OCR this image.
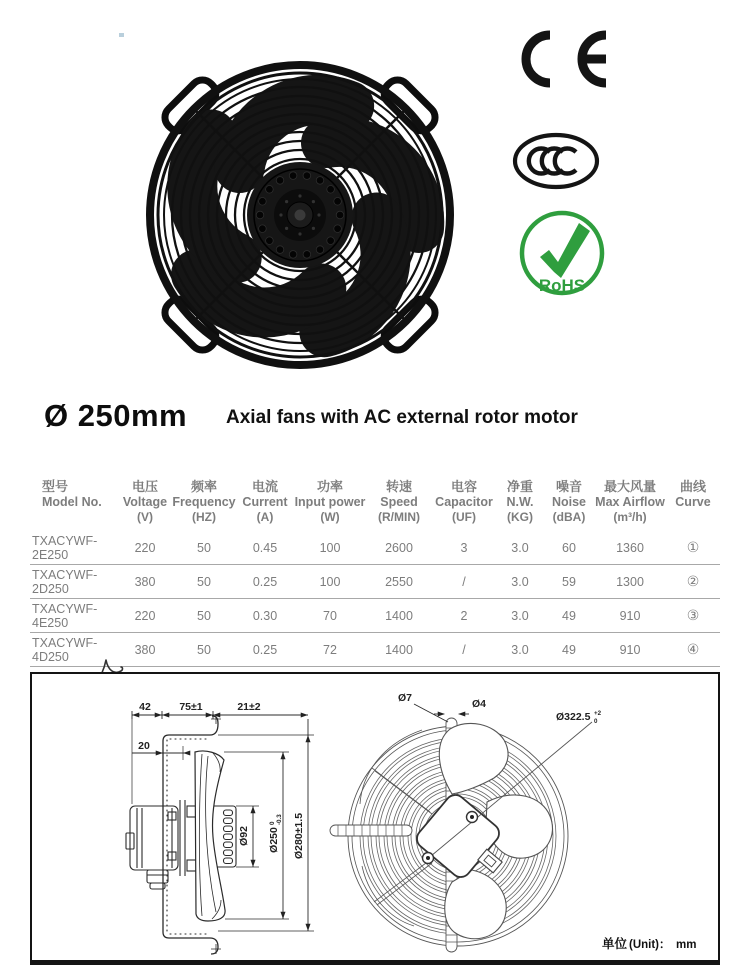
RoHS
Ø 250mm Axial fans with AC external rotor motor
型号
Model No.
电压
Voltage
(V)
频率
Frequency
(HZ)
电流
Current
(A)
功率
Input power
(W)
转速
Speed
(R/MIN)
电容
Capacitor
(UF)
净重
N.W.
(KG)
噪音
Noise
(dBA)
最大风量
Max Airflow
(m³/h)
曲线
Curve
TXACYWF-2E250	220	50	0.45	100	2600	3	3.0	60	1360	①
TXACYWF-2D250	380	50	0.25	100	2550	/	3.0	59	1300	②
TXACYWF-4E250	220	50	0.30	70	1400	2	3.0	49	910	③
TXACYWF-4D250	380	50	0.25	72	1400	/	3.0	49	910	④
42	75±1	21±2
20
Ø92 Ø250
0 -0.3 Ø280±1.5
Ø7	Ø4
Ø322.5 +2
0
单位 (Unit)： mm
